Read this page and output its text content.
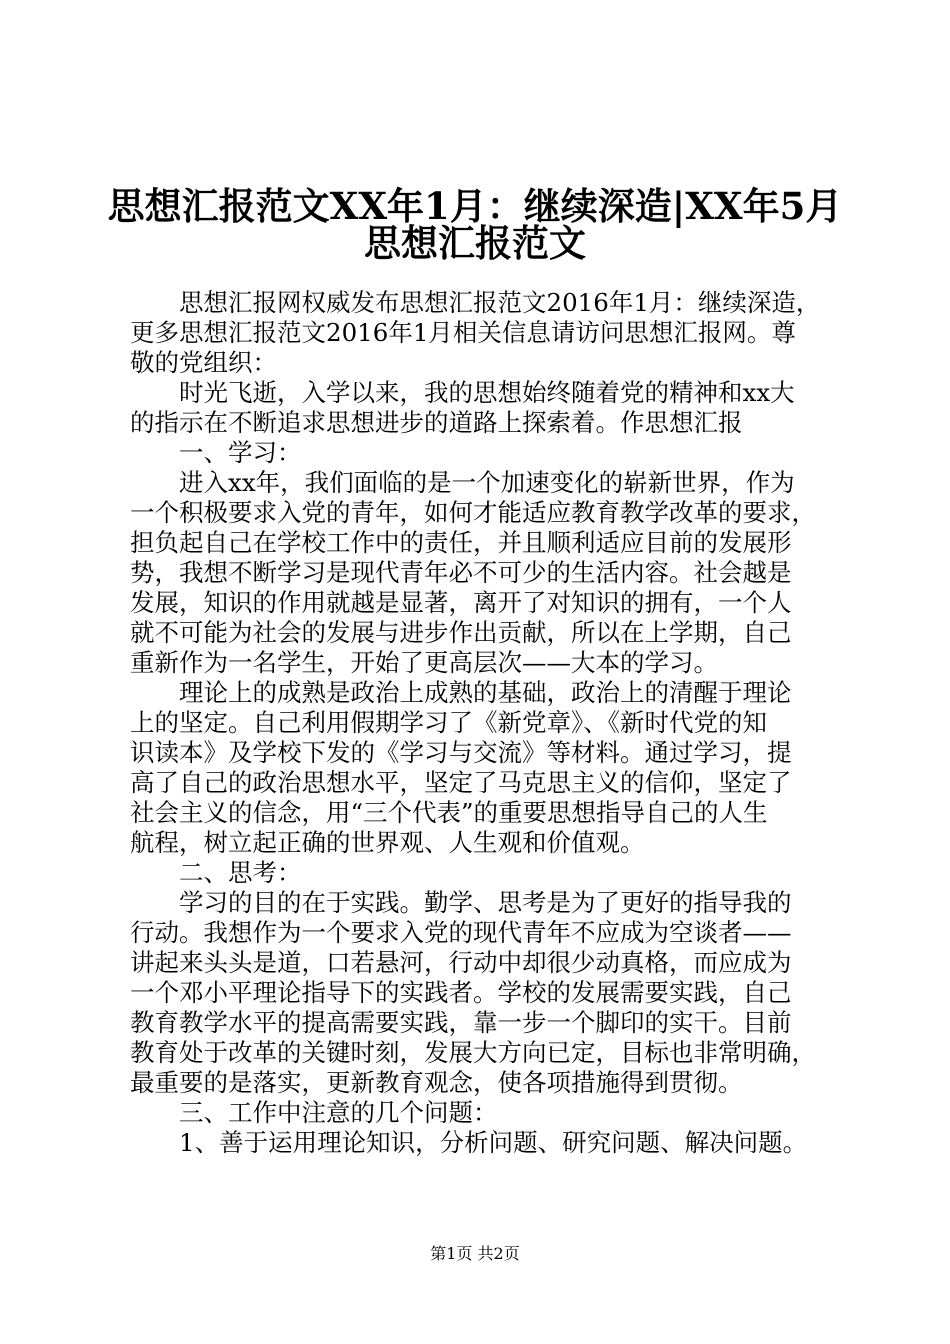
思想汇报范文XX年1月：继续深造|XX年5月
思想汇报范文
思想汇报网权威发布思想汇报范文2016年1月：继续深造，
更多思想汇报范文2016年1月相关信息请访问思想汇报网。尊
敬的党组织：
时光飞逝，入学以来，我的思想始终随着党的精神和xx大
的指示在不断追求思想进步的道路上探索着。作思想汇报
一、学习：
进入xx年，我们面临的是一个加速变化的崭新世界，作为
一个积极要求入党的青年，如何才能适应教育教学改革的要求，
担负起自己在学校工作中的责任，并且顺利适应目前的发展形
势，我想不断学习是现代青年必不可少的生活内容。社会越是
发展，知识的作用就越是显著，离开了对知识的拥有，一个人
就不可能为社会的发展与进步作出贡献，所以在上学期，自己
重新作为一名学生，开始了更高层次——大本的学习。
理论上的成熟是政治上成熟的基础，政治上的清醒于理论
上的坚定。自己利用假期学习了《新党章》、《新时代党的知
识读本》及学校下发的《学习与交流》等材料。通过学习，提
高了自己的政治思想水平，坚定了马克思主义的信仰，坚定了
社会主义的信念，用“三个代表”的重要思想指导自己的人生
航程，树立起正确的世界观、人生观和价值观。
二、思考：
学习的目的在于实践。勤学、思考是为了更好的指导我的
行动。我想作为一个要求入党的现代青年不应成为空谈者——
讲起来头头是道，口若悬河，行动中却很少动真格，而应成为
一个邓小平理论指导下的实践者。学校的发展需要实践，自己
教育教学水平的提高需要实践，靠一步一个脚印的实干。目前
教育处于改革的关键时刻，发展大方向已定，目标也非常明确，
最重要的是落实，更新教育观念，使各项措施得到贯彻。
三、工作中注意的几个问题：
1、善于运用理论知识，分析问题、研究问题、解决问题。
第1页 共2页
